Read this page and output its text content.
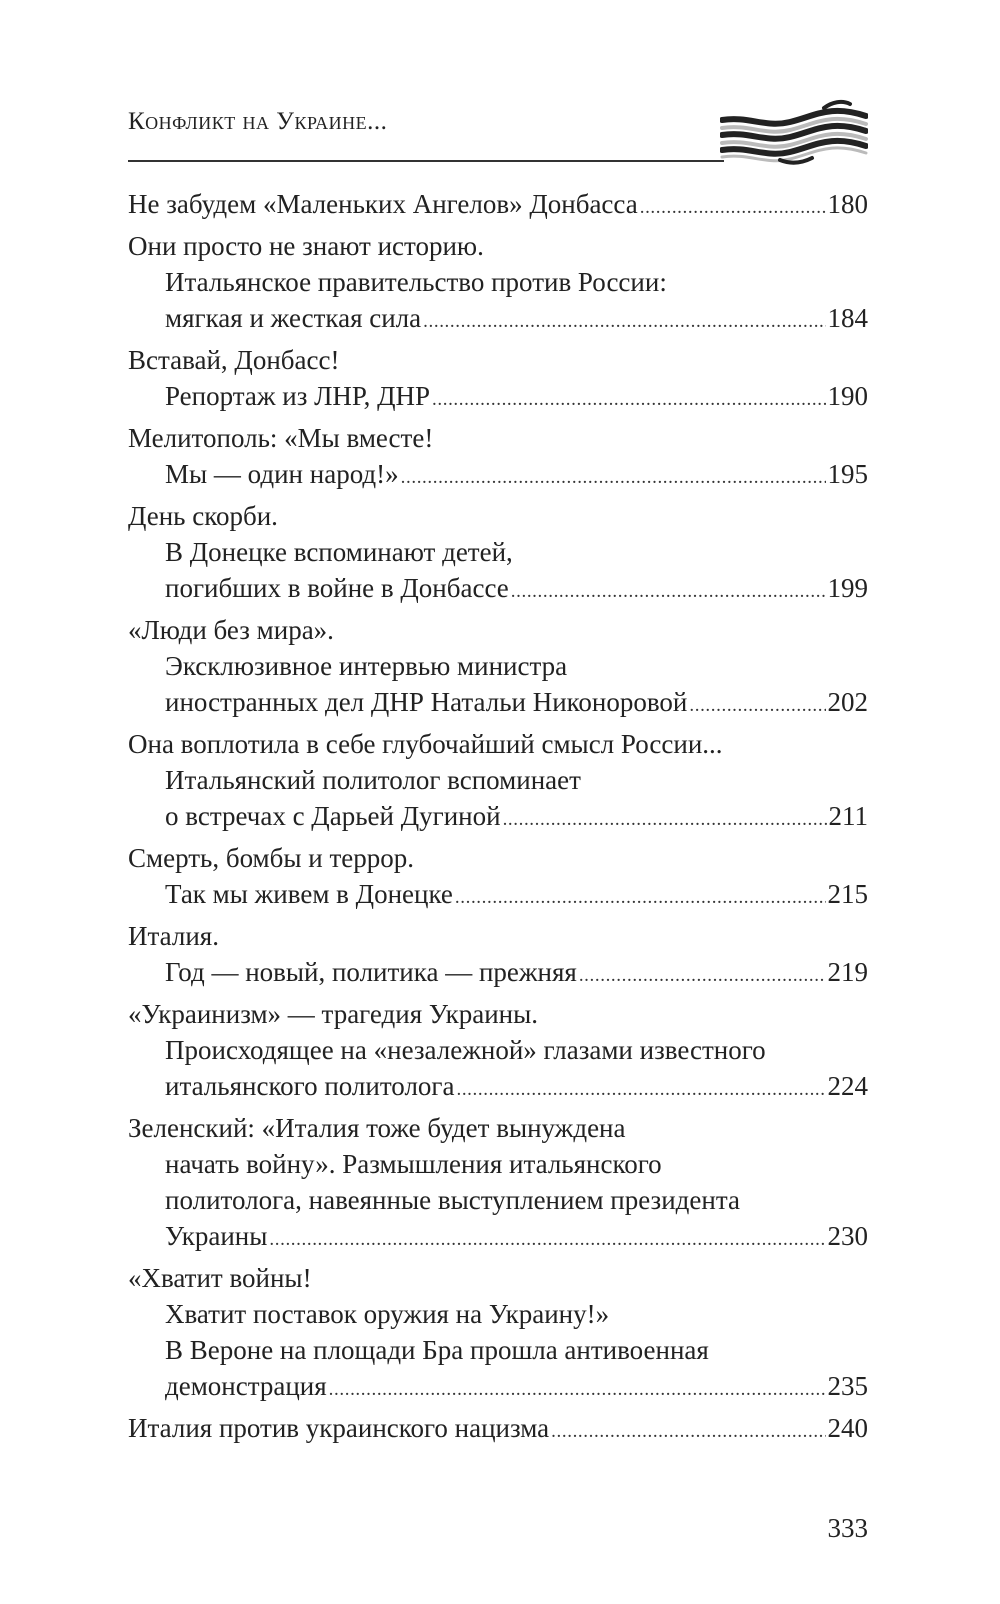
Конфликт на Украине...
Не забудем «Маленьких Ангелов» Донбасса .....	180
Они просто не знают историю.
Итальянское правительство против России:
мягкая и жесткая сила .....	184
Вставай, Донбасс!
Репортаж из ЛНР, ДНР .....	190
Мелитополь: «Мы вместе!
Мы — один народ!» .....	195
День скорби.
В Донецке вспоминают детей,
погибших в войне в Донбассе .....	199
«Люди без мира».
Эксклюзивное интервью министра
иностранных дел ДНР Натальи Никоноровой .....	202
Она воплотила в себе глубочайший смысл России...
Итальянский политолог вспоминает
о встречах с Дарьей Дугиной .....	211
Смерть, бомбы и террор.
Так мы живем в Донецке .....	215
Италия.
Год — новый, политика — прежняя .....	219
«Украинизм» — трагедия Украины.
Происходящее на «незалежной» глазами известного
итальянского политолога .....	224
Зеленский: «Италия тоже будет вынуждена
начать войну». Размышления итальянского
политолога, навеянные выступлением президента
Украины .....	230
«Хватит войны!
Хватит поставок оружия на Украину!»
В Вероне на площади Бра прошла антивоенная
демонстрация .....	235
Италия против украинского нацизма .....	240
333
